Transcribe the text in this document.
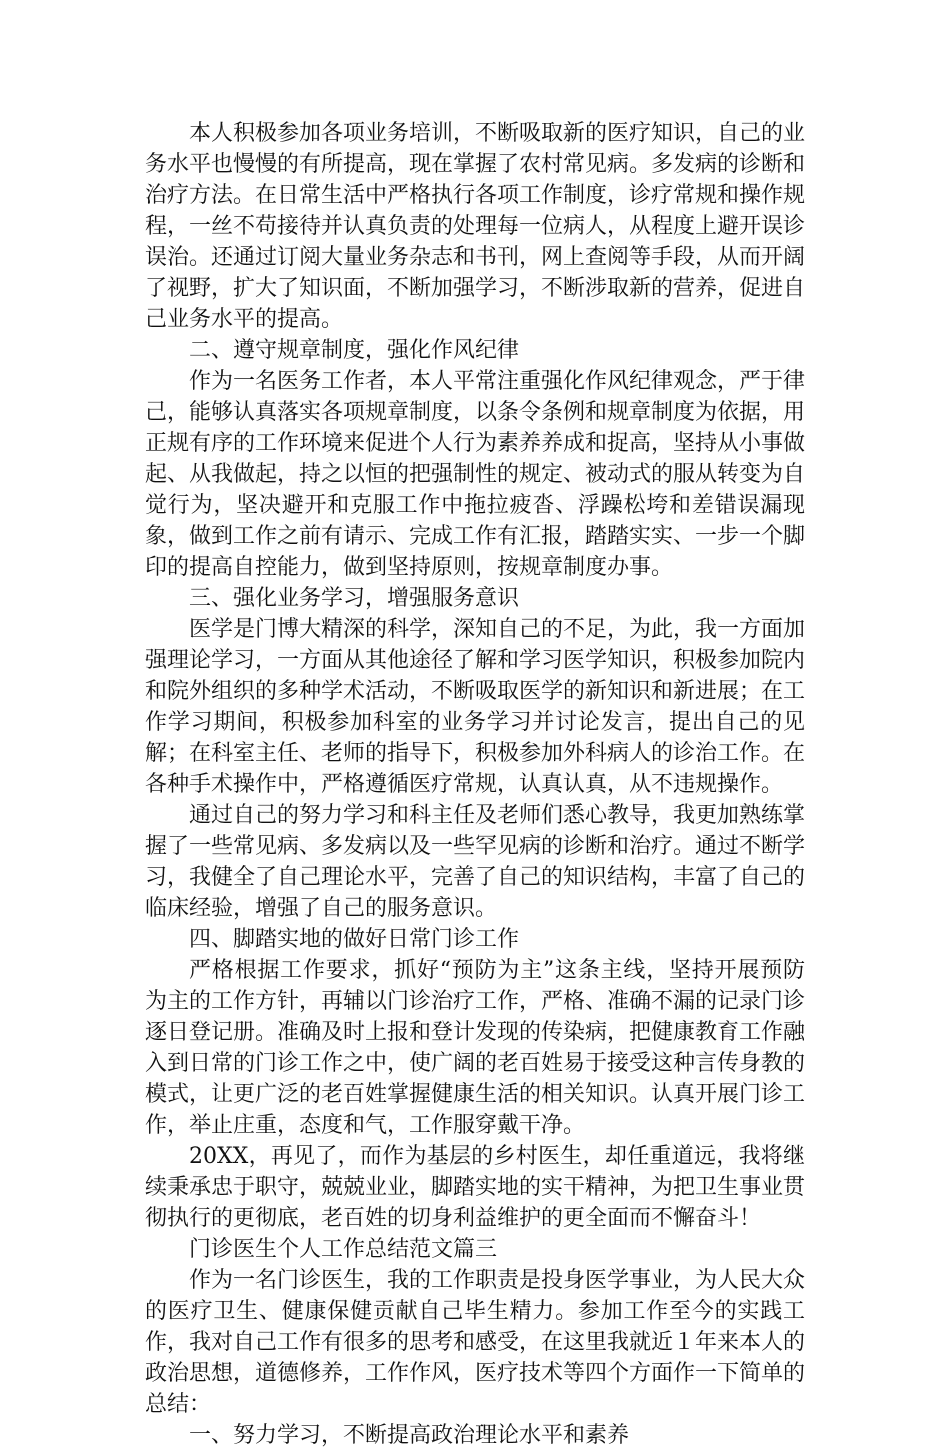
本人积极参加各项业务培训，不断吸取新的医疗知识，自己的业务水平也慢慢的有所提高，现在掌握了农村常见病。多发病的诊断和治疗方法。在日常生活中严格执行各项工作制度，诊疗常规和操作规程，一丝不苟接待并认真负责的处理每一位病人，从程度上避开误诊误治。还通过订阅大量业务杂志和书刊，网上查阅等手段，从而开阔了视野，扩大了知识面，不断加强学习，不断涉取新的营养，促进自己业务水平的提高。

二、遵守规章制度，强化作风纪律

作为一名医务工作者，本人平常注重强化作风纪律观念，严于律己，能够认真落实各项规章制度，以条令条例和规章制度为依据，用正规有序的工作环境来促进个人行为素养养成和捉高，坚持从小事做起、从我做起，持之以恒的把强制性的规定、被动式的服从转变为自觉行为，坚决避开和克服工作中拖拉疲沓、浮躁松垮和差错误漏现象，做到工作之前有请示、完成工作有汇报，踏踏实实、一步一个脚印的提高自控能力，做到坚持原则，按规章制度办事。

三、强化业务学习，增强服务意识

医学是门博大精深的科学，深知自己的不足，为此，我一方面加强理论学习，一方面从其他途径了解和学习医学知识，积极参加院内和院外组织的多种学术活动，不断吸取医学的新知识和新进展；在工作学习期间，积极参加科室的业务学习并讨论发言，提出自己的见解；在科室主任、老师的指导下，积极参加外科病人的诊治工作。在各种手术操作中，严格遵循医疗常规，认真认真，从不违规操作。

通过自己的努力学习和科主任及老师们悉心教导，我更加熟练掌握了一些常见病、多发病以及一些罕见病的诊断和治疗。通过不断学习，我健全了自己理论水平，完善了自己的知识结构，丰富了自己的临床经验，增强了自己的服务意识。

四、脚踏实地的做好日常门诊工作

严格根据工作要求，抓好“预防为主”这条主线，坚持开展预防为主的工作方针，再辅以门诊治疗工作，严格、准确不漏的记录门诊逐日登记册。准确及时上报和登计发现的传染病，把健康教育工作融入到日常的门诊工作之中，使广阔的老百姓易于接受这种言传身教的模式，让更广泛的老百姓掌握健康生活的相关知识。认真开展门诊工作，举止庄重，态度和气，工作服穿戴干净。

20XX，再见了，而作为基层的乡村医生，却任重道远，我将继续秉承忠于职守，兢兢业业，脚踏实地的实干精神，为把卫生事业贯彻执行的更彻底，老百姓的切身利益维护的更全面而不懈奋斗！

门诊医生个人工作总结范文篇三

作为一名门诊医生，我的工作职责是投身医学事业，为人民大众的医疗卫生、健康保健贡献自己毕生精力。参加工作至今的实践工作，我对自己工作有很多的思考和感受，在这里我就近１年来本人的政治思想，道德修养，工作作风，医疗技术等四个方面作一下简单的总结：

一、努力学习，不断提高政治理论水平和素养
